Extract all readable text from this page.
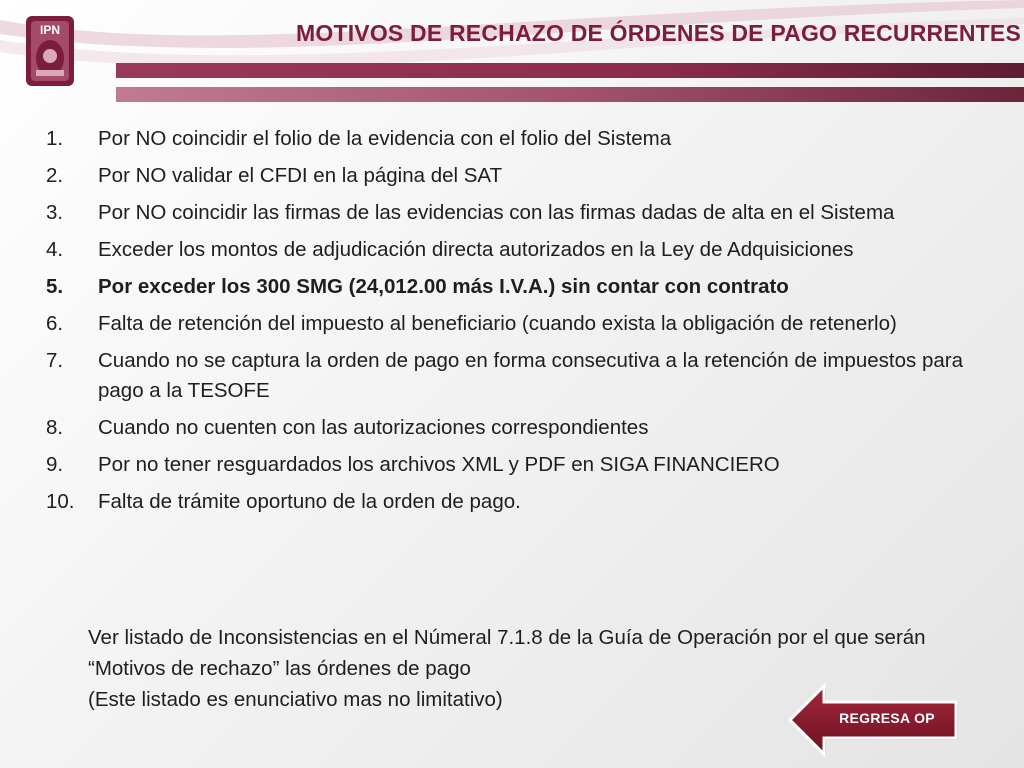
IPN	MOTIVOS DE RECHAZO DE ÓRDENES DE PAGO RECURRENTES
1. Por NO coincidir el folio de la evidencia con el folio del Sistema
2. Por NO validar el CFDI en la página del SAT
3. Por NO coincidir las firmas de las evidencias con las firmas dadas de alta en el Sistema
4. Exceder los montos de adjudicación directa autorizados en la Ley de Adquisiciones
5. Por exceder los 300 SMG (24,012.00 más I.V.A.) sin contar con contrato
6. Falta de retención del impuesto al beneficiario (cuando exista la obligación de retenerlo)
7. Cuando no se captura la orden de pago en forma consecutiva a la retención de impuestos para pago a la TESOFE
8. Cuando no cuenten con las autorizaciones correspondientes
9. Por no tener resguardados los archivos XML y PDF en SIGA FINANCIERO
10. Falta de trámite oportuno de la orden de pago.

Ver listado de Inconsistencias en el Númeral 7.1.8 de la Guía de Operación por el que serán “Motivos de rechazo” las órdenes de pago

(Este listado es enunciativo mas no limitativo)

REGRESA OP
